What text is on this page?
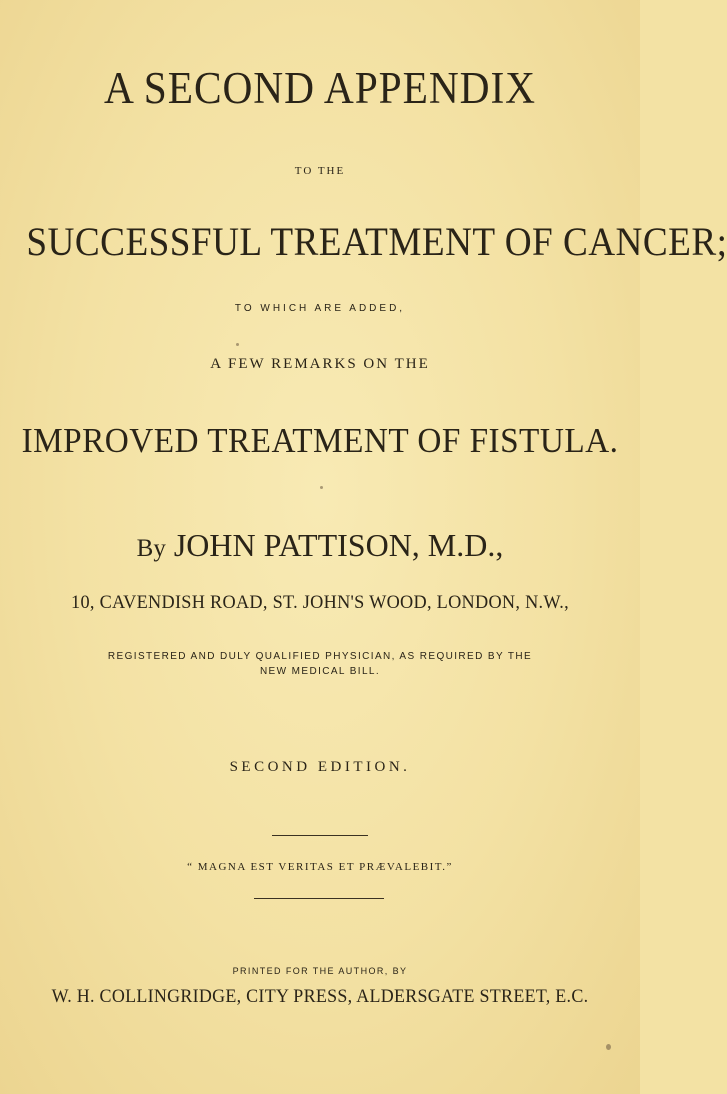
A SECOND APPENDIX
TO THE
SUCCESSFUL TREATMENT OF CANCER;
TO WHICH ARE ADDED,
A FEW REMARKS ON THE
IMPROVED TREATMENT OF FISTULA.
By JOHN PATTISON, M.D.,
10, CAVENDISH ROAD, ST. JOHN'S WOOD, LONDON, N.W.,
REGISTERED AND DULY QUALIFIED PHYSICIAN, AS REQUIRED BY THE
NEW MEDICAL BILL.
SECOND EDITION.
“ MAGNA EST VERITAS ET PRÆVALEBIT.”
PRINTED FOR THE AUTHOR, BY
W. H. COLLINGRIDGE, CITY PRESS, ALDERSGATE STREET, E.C.
